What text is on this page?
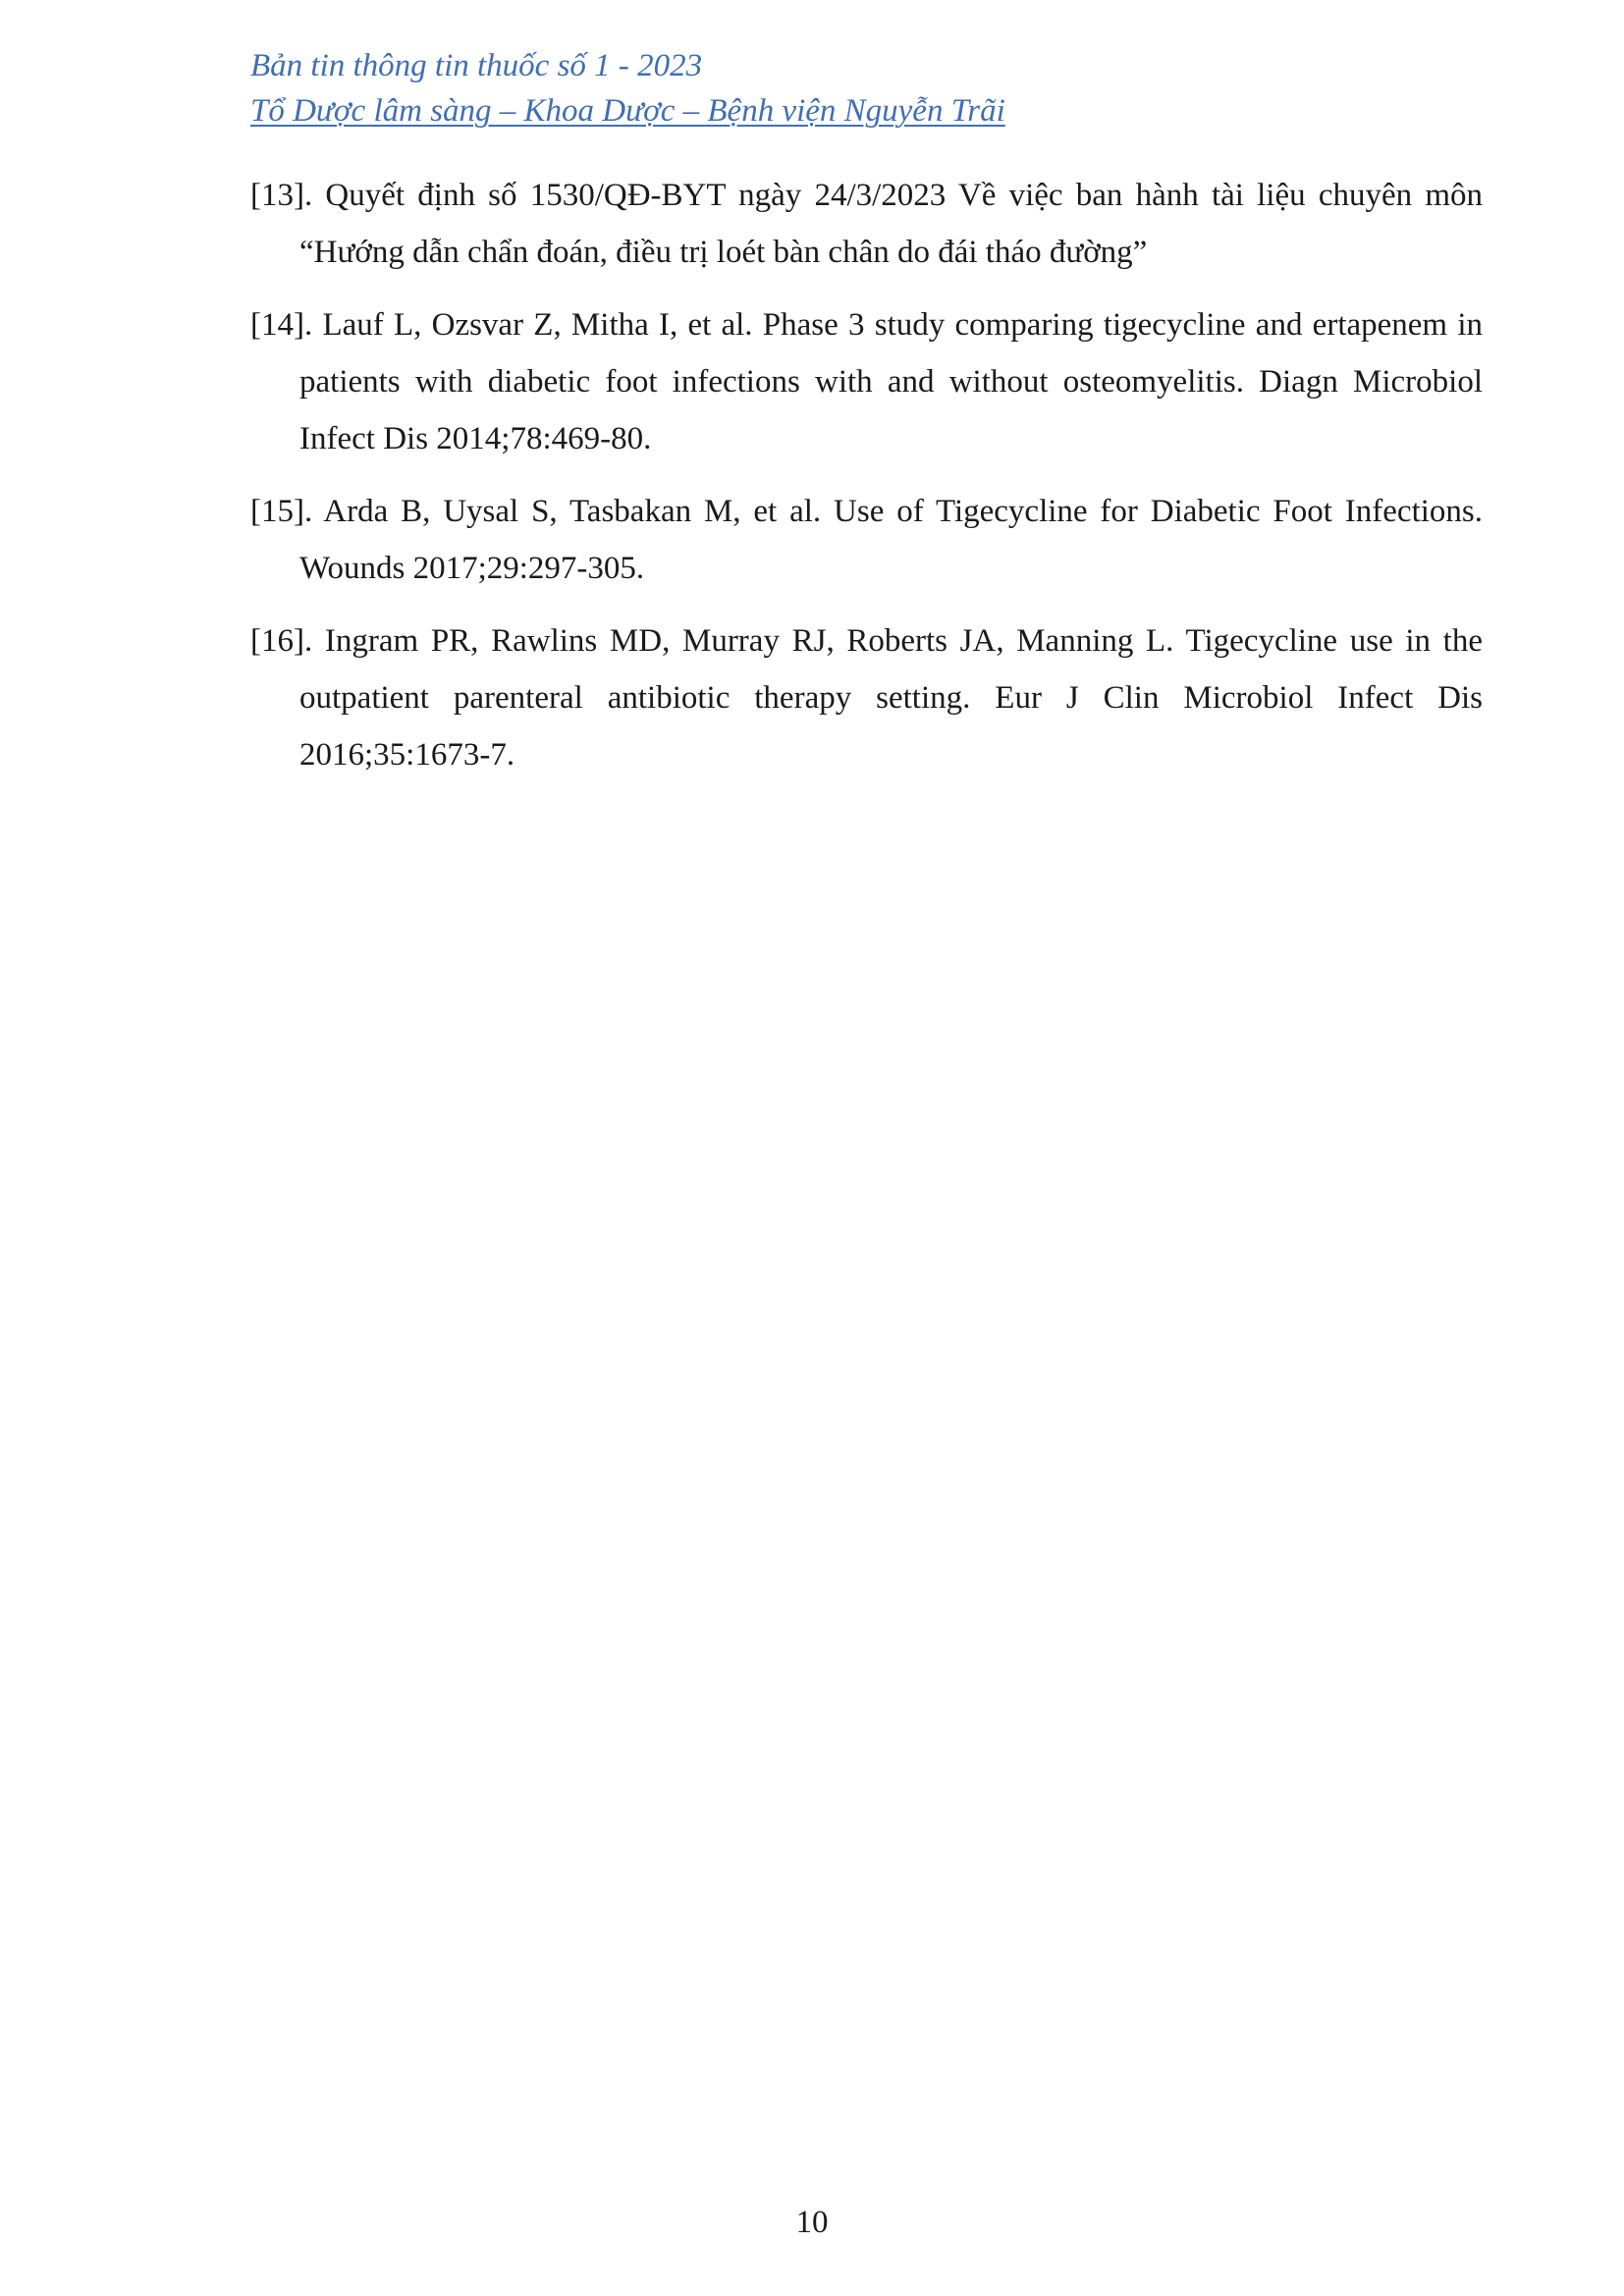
Bản tin thông tin thuốc số 1 - 2023
Tổ Dược lâm sàng – Khoa Dược – Bệnh viện Nguyễn Trãi
[13]. Quyết định số 1530/QĐ-BYT ngày 24/3/2023 Về việc ban hành tài liệu chuyên môn “Hướng dẫn chẩn đoán, điều trị loét bàn chân do đái tháo đường”
[14]. Lauf L, Ozsvar Z, Mitha I, et al. Phase 3 study comparing tigecycline and ertapenem in patients with diabetic foot infections with and without osteomyelitis. Diagn Microbiol Infect Dis 2014;78:469-80.
[15]. Arda B, Uysal S, Tasbakan M, et al. Use of Tigecycline for Diabetic Foot Infections. Wounds 2017;29:297-305.
[16]. Ingram PR, Rawlins MD, Murray RJ, Roberts JA, Manning L. Tigecycline use in the outpatient parenteral antibiotic therapy setting. Eur J Clin Microbiol Infect Dis 2016;35:1673-7.
10
